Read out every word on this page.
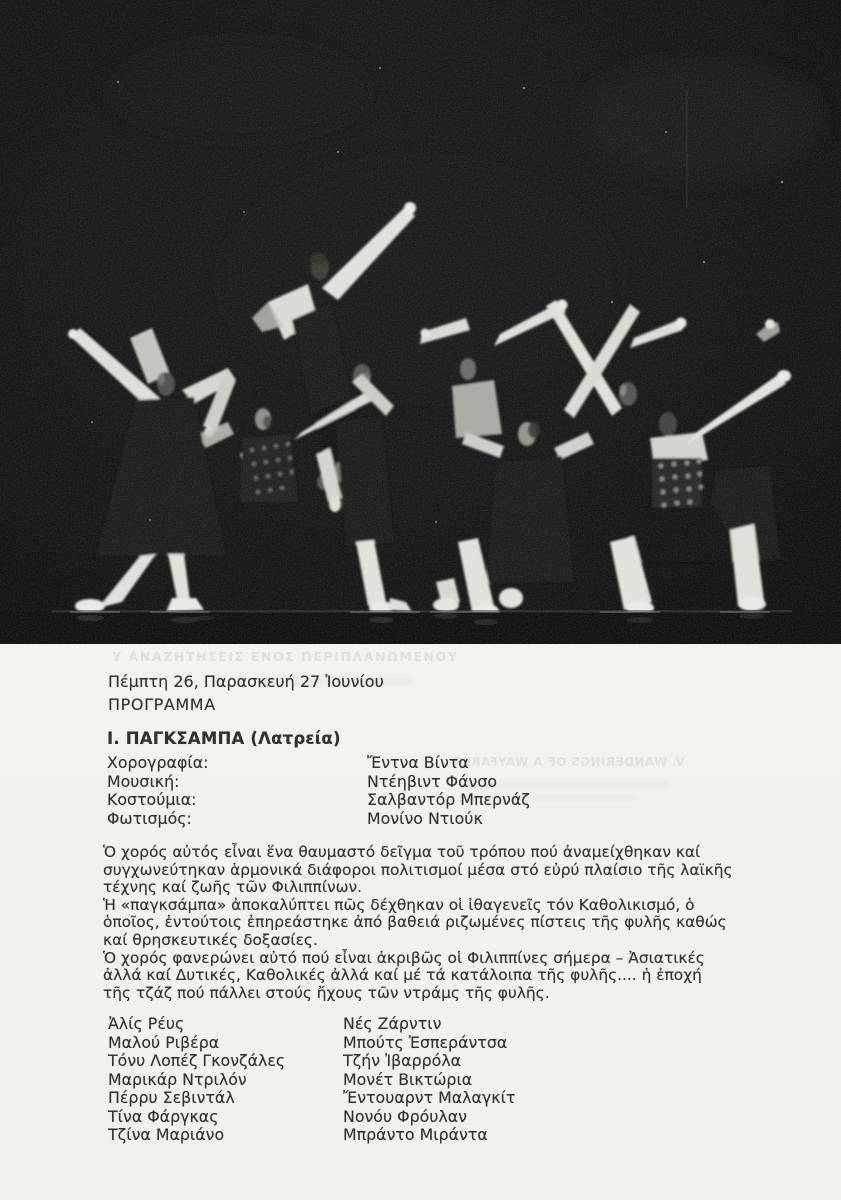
Υ ΑΝΑΖΗΤΗΣΕΙΣ ΕΝΟΣ ΠΕΡΙΠΛΑΝΩΜΕΝΟΥ
V. WANDERINGS OF A WAYFARER
Πέμπτη 26, Παρασκευή 27 Ἰουνίου
ΠΡΟΓΡΑΜΜΑ
Ι. ΠΑΓΚΣΑΜΠΑ (Λατρεία)
Χορογραφία:	Ἔντνα Βίντα
Μουσική:	Ντέηβιντ Φάνσο
Κοστούμια:	Σαλβαντόρ Μπερνάζ
Φωτισμός:	Μονίνο Ντιούκ
Ὁ χορός αὐτός εἶναι ἕνα θαυμαστό δεῖγμα τοῦ τρόπου πού ἀναμείχθηκαν καί
συγχωνεύτηκαν ἁρμονικά διάφοροι πολιτισμοί μέσα στό εὐρύ πλαίσιο τῆς λαϊκῆς
τέχνης καί ζωῆς τῶν Φιλιππίνων.
Ἡ «παγκσάμπα» ἀποκαλύπτει πῶς δέχθηκαν οἱ ἰθαγενεῖς τόν Καθολικισμό, ὁ
ὁποῖος, ἐντούτοις ἐπηρεάστηκε ἀπό βαθειά ριζωμένες πίστεις τῆς φυλῆς καθώς
καί θρησκευτικές δοξασίες.
Ὁ χορός φανερώνει αὐτό πού εἶναι ἀκριβῶς οἱ Φιλιππίνες σήμερα – Ἀσιατικές
ἀλλά καί Δυτικές, Καθολικές ἀλλά καί μέ τά κατάλοιπα τῆς φυλῆς.... ἡ ἐποχή
τῆς τζάζ πού πάλλει στούς ἤχους τῶν ντράμς τῆς φυλῆς.
Ἀλίς Ρέυς	Νές Ζάρντιν
Μαλού Ριβέρα	Μπούτς Ἐσπεράντσα
Τόνυ Λοπέζ Γκονζάλες	Τζήν Ἰβαρρόλα
Μαρικάρ Ντριλόν	Μονέτ Βικτώρια
Πέρρυ Σεβιντάλ	Ἔντουαρντ Μαλαγκίτ
Τίνα Φάργκας	Νονόυ Φρόυλαν
Τζίνα Μαριάνο	Μπράντο Μιράντα
